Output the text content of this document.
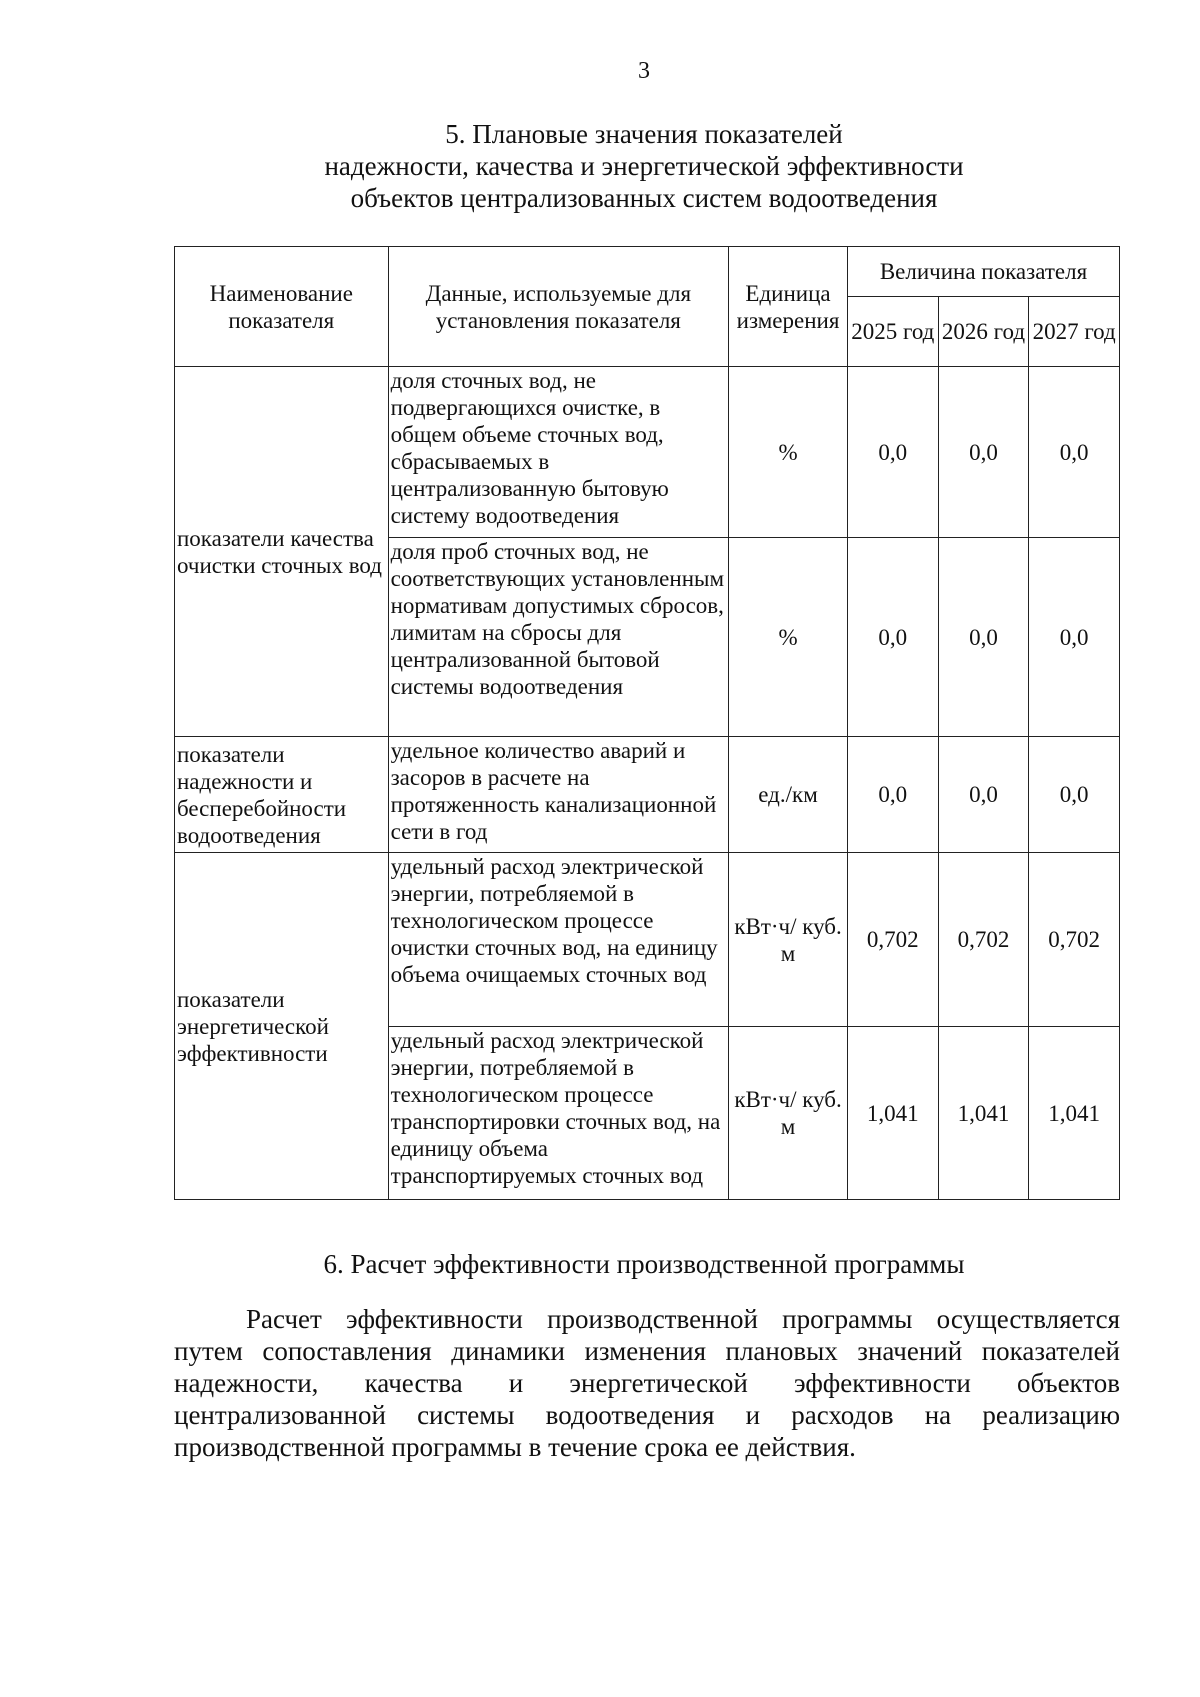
3
5. Плановые значения показателей
надежности, качества и энергетической эффективности
объектов централизованных систем водоотведения
Наименование показателя	Данные, используемые для установления показателя	Единица измерения	Величина показателя		
			2025 год	2026 год	2027 год
показатели качества очистки сточных вод	доля сточных вод, не подвергающихся очистке, в общем объеме сточных вод, сбрасываемых в централизованную бытовую систему водоотведения	%	0,0	0,0	0,0
	доля проб сточных вод, не соответствующих установленным нормативам допустимых сбросов, лимитам на сбросы для централизованной бытовой системы водоотведения	%	0,0	0,0	0,0
показатели надежности и бесперебойности водоотведения	удельное количество аварий и засоров в расчете на протяженность канализационной сети в год	ед./км	0,0	0,0	0,0
показатели энергетической эффективности	удельный расход электрической энергии, потребляемой в технологическом процессе очистки сточных вод, на единицу объема очищаемых сточных вод	кВт·ч/ куб. м	0,702	0,702	0,702
	удельный расход электрической энергии, потребляемой в технологическом процессе транспортировки сточных вод, на единицу объема транспортируемых сточных вод	кВт·ч/ куб. м	1,041	1,041	1,041
6. Расчет эффективности производственной программы
Расчет эффективности производственной программы осуществляется путем сопоставления динамики изменения плановых значений показателей надежности, качества и энергетической эффективности объектов централизованной системы водоотведения и расходов на реализацию производственной программы в течение срока ее действия.
